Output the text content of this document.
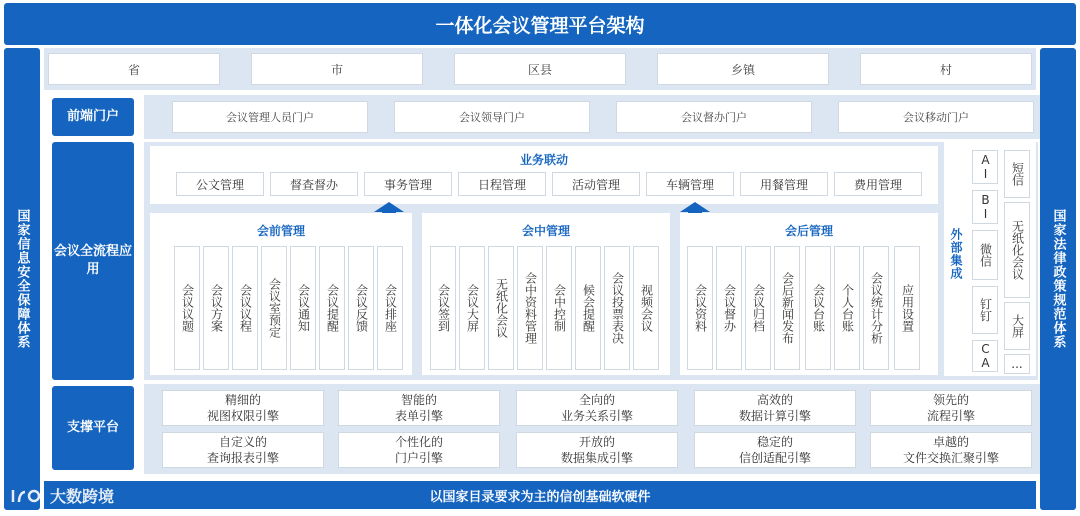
一体化会议管理平台架构
国家信息安全保障体系	国家法律政策规范体系
省	市	区县	乡镇	村
前端门户
会议全流程应用
支撑平台
会议管理人员门户	会议领导门户	会议督办门户	会议移动门户
业务联动
公文管理	督查督办	事务管理	日程管理	活动管理	车辆管理	用餐管理	费用管理
会前管理	会中管理	会后管理
会议议题 会议方案 会议议程 会议室预定 会议通知 会议提醒 会议反馈 会议排座	会议签到 会议大屏 无纸化会议 会中资料管理 会中控制 候会提醒 会议投票表决 视频会议	会议资料 会议督办 会议归档 会后新闻发布 会议台账 个人台账 会议统计分析 应用设置
外部集成
AI
BI
微信
钉钉
CA
短信
无纸化会议
大屏
...
精细的
视图权限引擎
智能的
表单引擎
全向的
业务关系引擎
高效的
数据计算引擎
领先的
流程引擎
自定义的
查询报表引擎
个性化的
门户引擎
开放的
数据集成引擎
稳定的
信创适配引擎
卓越的
文件交换汇聚引擎
以国家目录要求为主的信创基础软硬件
大数跨境
